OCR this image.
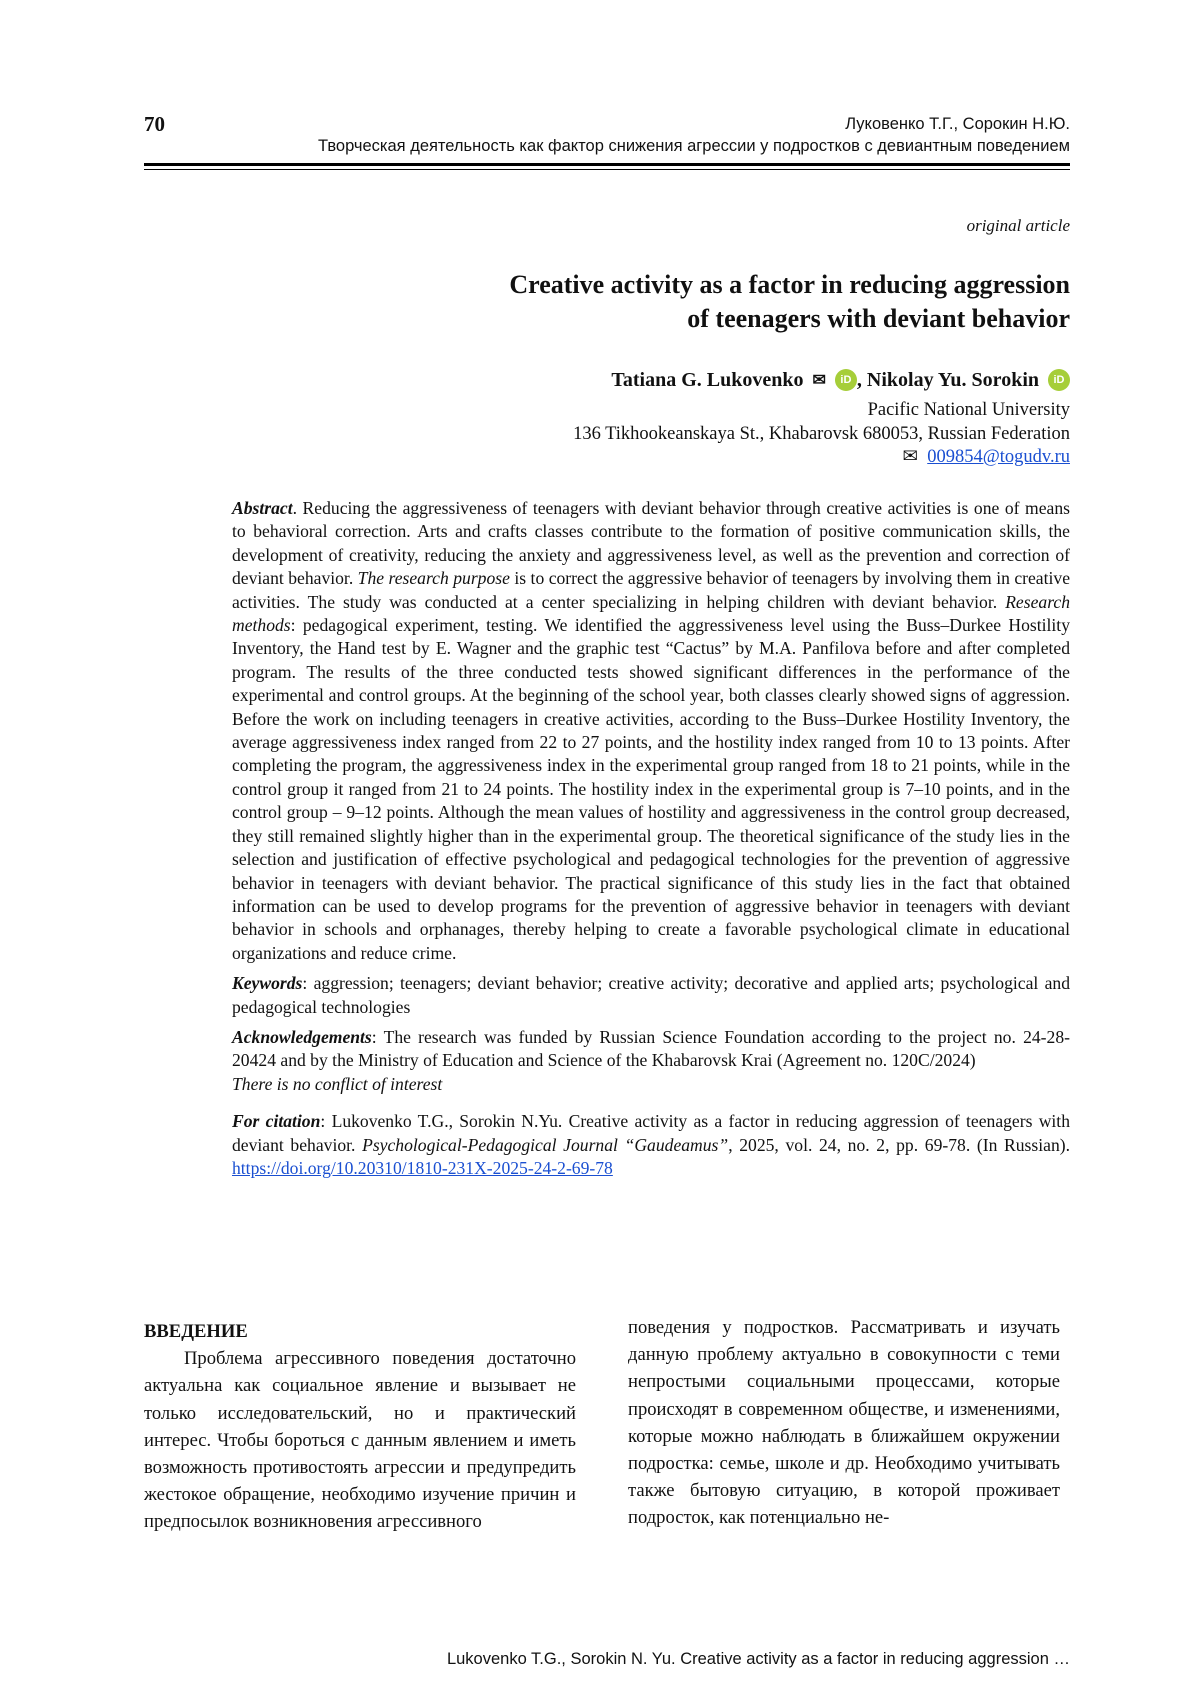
70	Луковенко Т.Г., Сорокин Н.Ю.
Творческая деятельность как фактор снижения агрессии у подростков с девиантным поведением
original article
Creative activity as a factor in reducing aggression
of teenagers with deviant behavior
Tatiana G. Lukovenko ✉ iD , Nikolay Yu. Sorokin iD
Pacific National University
136 Tikhookeanskaya St., Khabarovsk 680053, Russian Federation
✉ 009854@togudv.ru

Abstract. Reducing the aggressiveness of teenagers with deviant behavior through creative activities is one of means to behavioral correction. Arts and crafts classes contribute to the formation of positive communication skills, the development of creativity, reducing the anxiety and aggressiveness level, as well as the prevention and correction of deviant behavior. The research purpose is to correct the aggressive behavior of teenagers by involving them in creative activities. The study was conducted at a center specializing in helping children with deviant behavior. Research methods: pedagogical experiment, testing. We identified the aggressiveness level using the Buss–Durkee Hostility Inventory, the Hand test by E. Wagner and the graphic test “Cactus” by M.A. Panfilova before and after completed program. The results of the three conducted tests showed significant differences in the performance of the experimental and control groups. At the beginning of the school year, both classes clearly showed signs of aggression. Before the work on including teenagers in creative activities, according to the Buss–Durkee Hostility Inventory, the average aggressiveness index ranged from 22 to 27 points, and the hostility index ranged from 10 to 13 points. After completing the program, the aggressiveness index in the experimental group ranged from 18 to 21 points, while in the control group it ranged from 21 to 24 points. The hostility index in the experimental group is 7–10 points, and in the control group – 9–12 points. Although the mean values of hostility and aggressiveness in the control group decreased, they still remained slightly higher than in the experimental group. The theoretical significance of the study lies in the selection and justification of effective psychological and pedagogical technologies for the prevention of aggressive behavior in teenagers with deviant behavior. The practical significance of this study lies in the fact that obtained information can be used to develop programs for the prevention of aggressive behavior in teenagers with deviant behavior in schools and orphanages, thereby helping to create a favorable psychological climate in educational organizations and reduce crime.

Keywords: aggression; teenagers; deviant behavior; creative activity; decorative and applied arts; psychological and pedagogical technologies

Acknowledgements: The research was funded by Russian Science Foundation according to the project no. 24-28-20424 and by the Ministry of Education and Science of the Khabarovsk Krai (Agreement no. 120C/2024)

There is no conflict of interest

For citation: Lukovenko T.G., Sorokin N.Yu. Creative activity as a factor in reducing aggression of teenagers with deviant behavior. Psychological-Pedagogical Journal “Gaudeamus”, 2025, vol. 24, no. 2, pp. 69-78. (In Russian). https://doi.org/10.20310/1810-231X-2025-24-2-69-78

ВВЕДЕНИЕ

Проблема агрессивного поведения достаточно актуальна как социальное явление и вызывает не только исследовательский, но и практический интерес. Чтобы бороться с данным явлением и иметь возможность противостоять агрессии и предупредить жестокое обращение, необходимо изучение причин и предпосылок возникновения агрессивного

поведения у подростков. Рассматривать и изучать данную проблему актуально в совокупности с теми непростыми социальными процессами, которые происходят в современном обществе, и изменениями, которые можно наблюдать в ближайшем окружении подростка: семье, школе и др. Необходимо учитывать также бытовую ситуацию, в которой проживает подросток, как потенциально не-

Lukovenko T.G., Sorokin N. Yu. Creative activity as a factor in reducing aggression …
